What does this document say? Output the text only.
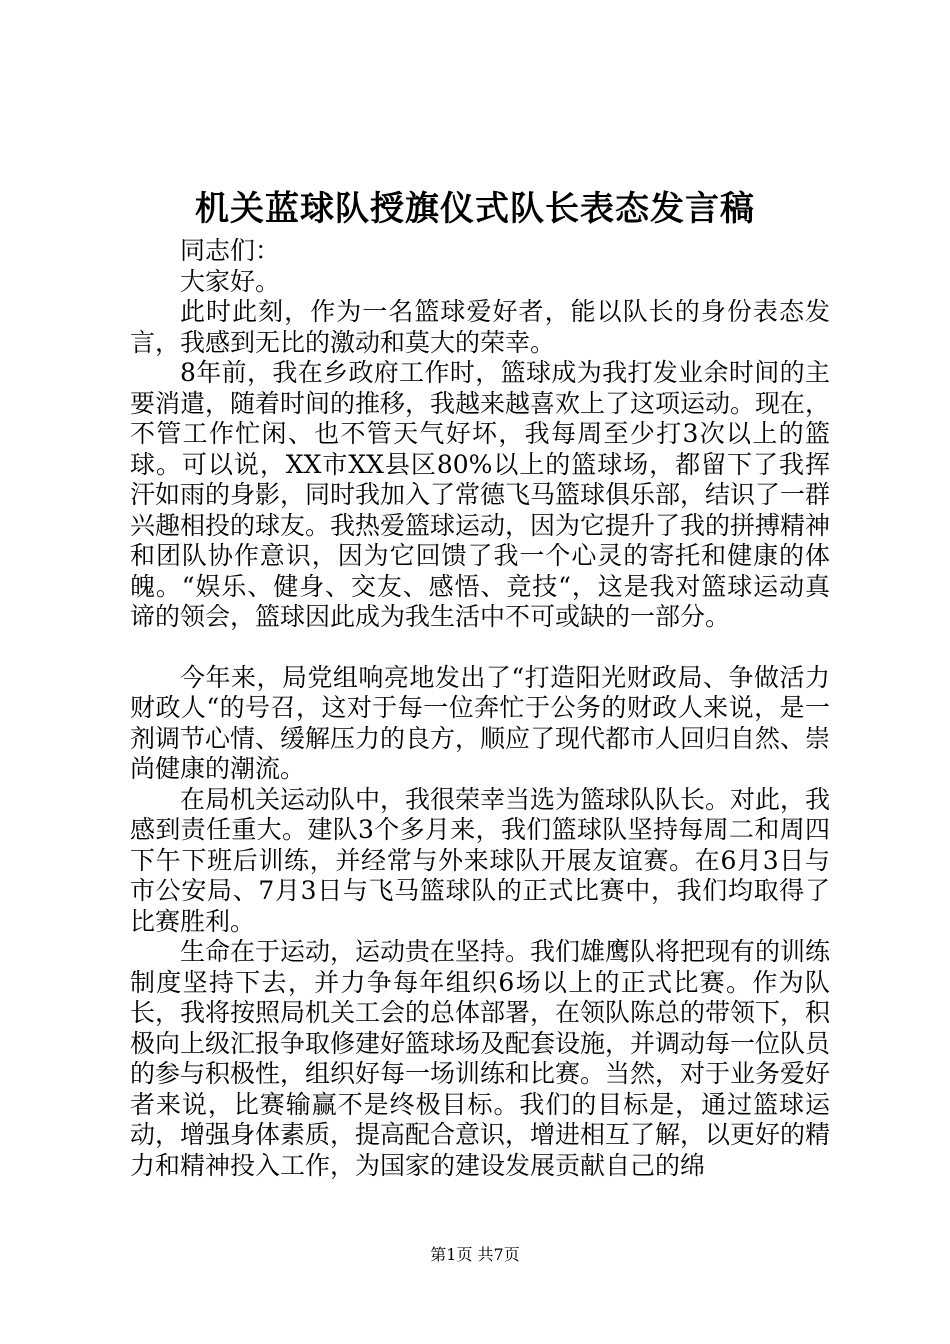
机关蓝球队授旗仪式队长表态发言稿

同志们：

大家好。

此时此刻，作为一名篮球爱好者，能以队长的身份表态发言，我感到无比的激动和莫大的荣幸。

8年前，我在乡政府工作时，篮球成为我打发业余时间的主要消遣，随着时间的推移，我越来越喜欢上了这项运动。现在，不管工作忙闲、也不管天气好坏，我每周至少打3次以上的篮球。可以说，XX市XX县区80%以上的篮球场，都留下了我挥汗如雨的身影，同时我加入了常德飞马篮球俱乐部，结识了一群兴趣相投的球友。我热爱篮球运动，因为它提升了我的拼搏精神和团队协作意识，因为它回馈了我一个心灵的寄托和健康的体魄。“娱乐、健身、交友、感悟、竞技“，这是我对篮球运动真谛的领会，篮球因此成为我生活中不可或缺的一部分。

今年来，局党组响亮地发出了“打造阳光财政局、争做活力财政人“的号召，这对于每一位奔忙于公务的财政人来说，是一剂调节心情、缓解压力的良方，顺应了现代都市人回归自然、崇尚健康的潮流。

在局机关运动队中，我很荣幸当选为篮球队队长。对此，我感到责任重大。建队3个多月来，我们篮球队坚持每周二和周四下午下班后训练，并经常与外来球队开展友谊赛。在6月3日与市公安局、7月3日与飞马篮球队的正式比赛中，我们均取得了比赛胜利。

生命在于运动，运动贵在坚持。我们雄鹰队将把现有的训练制度坚持下去，并力争每年组织6场以上的正式比赛。作为队长，我将按照局机关工会的总体部署，在领队陈总的带领下，积极向上级汇报争取修建好篮球场及配套设施，并调动每一位队员的参与积极性，组织好每一场训练和比赛。当然，对于业务爱好者来说，比赛输赢不是终极目标。我们的目标是，通过篮球运动，增强身体素质，提高配合意识，增进相互了解，以更好的精力和精神投入工作，为国家的建设发展贡献自己的绵

第1页 共7页
